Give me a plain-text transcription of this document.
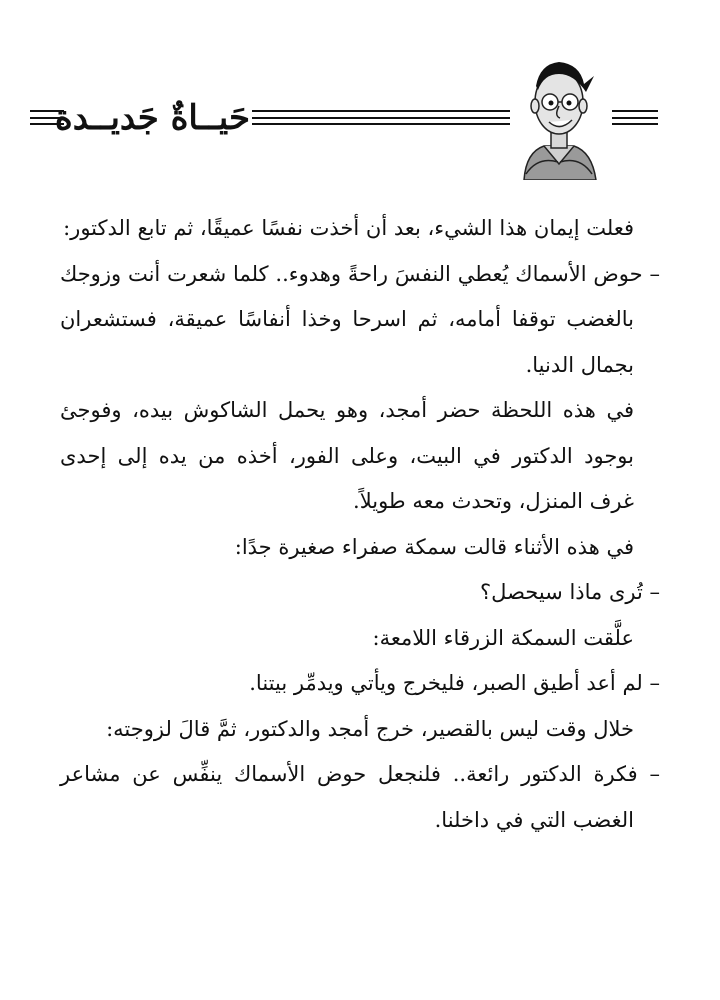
حَيــاةٌ جَديــدة

فعلت إيمان هذا الشيء، بعد أن أخذت نفسًا عميقًا، ثم تابع الدكتور:

– حوض الأسماك يُعطي النفسَ راحةً وهدوء.. كلما شعرت أنت وزوجك بالغضب توقفا أمامه، ثم اسرحا وخذا أنفاسًا عميقة، فستشعران بجمال الدنيا.

في هذه اللحظة حضر أمجد، وهو يحمل الشاكوش بيده، وفوجئ بوجود الدكتور في البيت، وعلى الفور، أخذه من يده إلى إحدى غرف المنزل، وتحدث معه طويلاً.

في هذه الأثناء قالت سمكة صفراء صغيرة جدًا:

– تُرى ماذا سيحصل؟

علَّقت السمكة الزرقاء اللامعة:

– لم أعد أطيق الصبر، فليخرج ويأتي ويدمِّر بيتنا.

خلال وقت ليس بالقصير، خرج أمجد والدكتور، ثمَّ قالَ لزوجته:

– فكرة الدكتور رائعة.. فلنجعل حوض الأسماك ينفِّس عن مشاعر الغضب التي في داخلنا.
